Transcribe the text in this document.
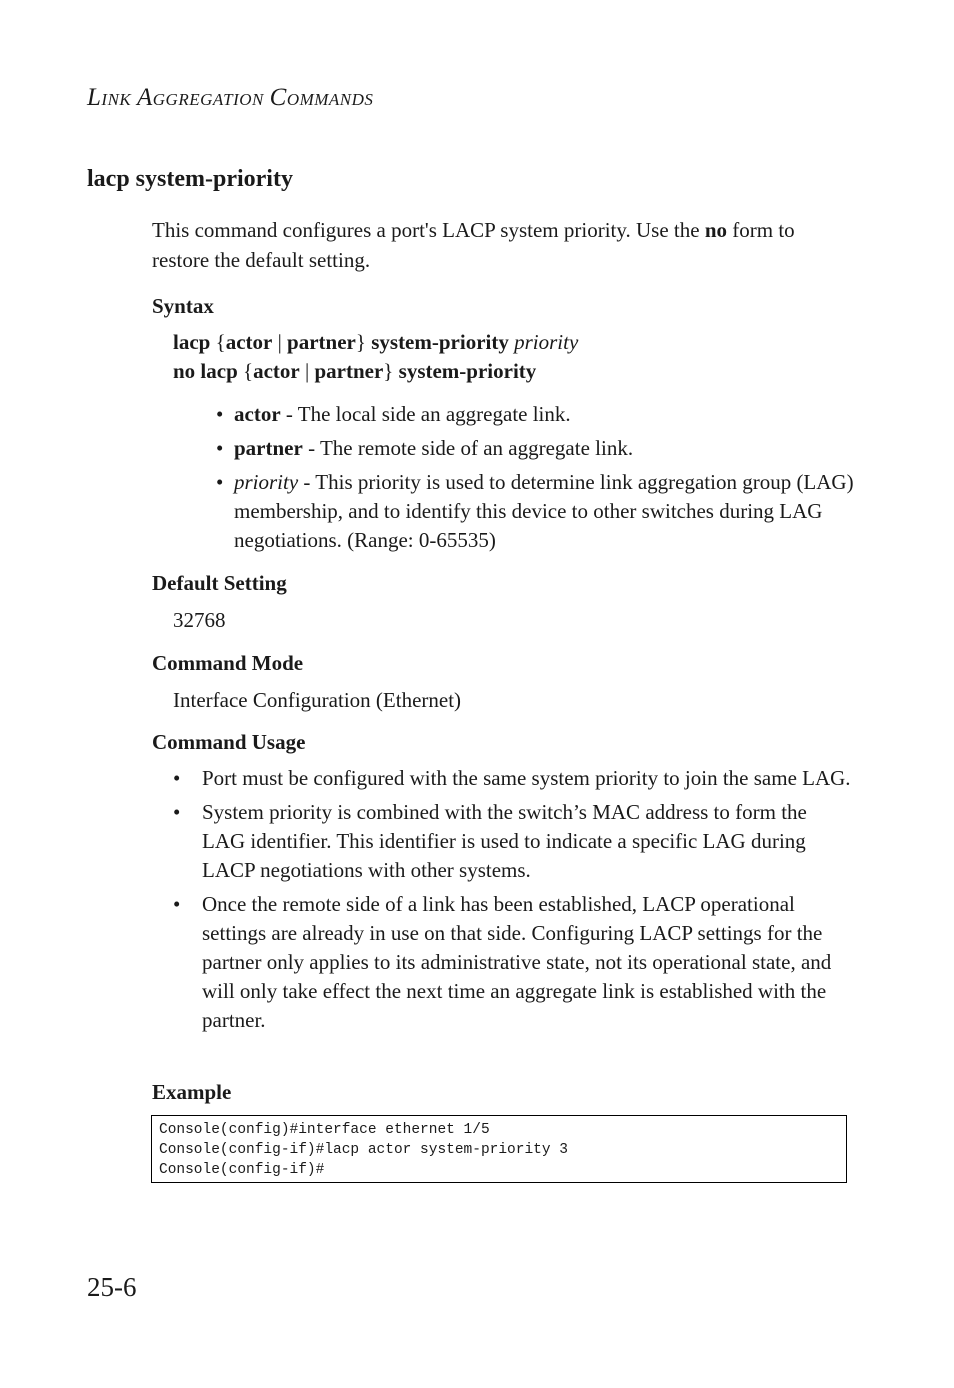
LINK AGGREGATION COMMANDS
lacp system-priority
This command configures a port's LACP system priority. Use the no form to restore the default setting.
Syntax
lacp {actor | partner} system-priority priority
no lacp {actor | partner} system-priority
• actor - The local side an aggregate link.
• partner - The remote side of an aggregate link.
• priority - This priority is used to determine link aggregation group (LAG) membership, and to identify this device to other switches during LAG negotiations. (Range: 0-65535)
Default Setting
32768
Command Mode
Interface Configuration (Ethernet)
Command Usage
• Port must be configured with the same system priority to join the same LAG.
• System priority is combined with the switch’s MAC address to form the LAG identifier. This identifier is used to indicate a specific LAG during LACP negotiations with other systems.
• Once the remote side of a link has been established, LACP operational settings are already in use on that side. Configuring LACP settings for the partner only applies to its administrative state, not its operational state, and will only take effect the next time an aggregate link is established with the partner.
Example
Console(config)#interface ethernet 1/5
Console(config-if)#lacp actor system-priority 3
Console(config-if)#
25-6
